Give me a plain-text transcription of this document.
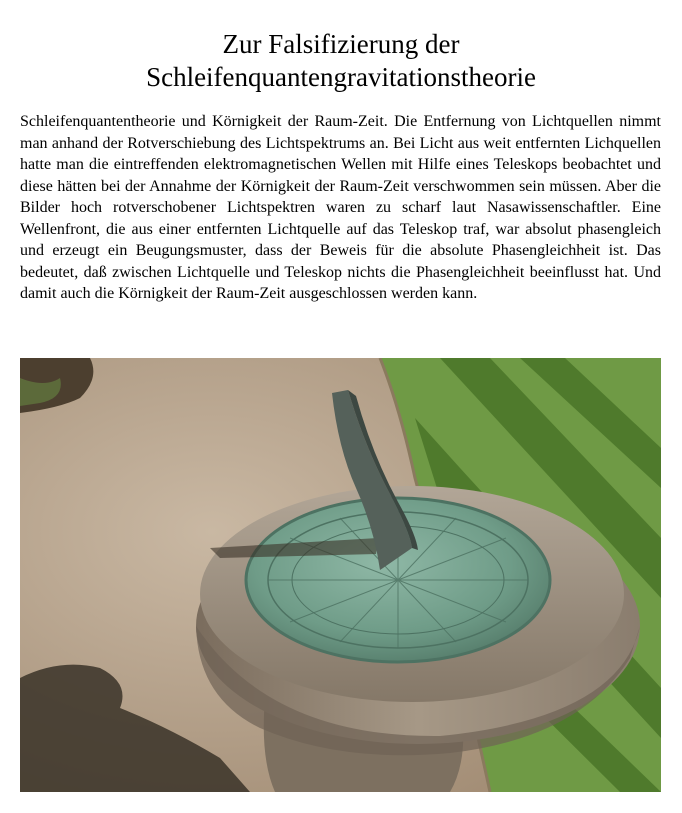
Zur Falsifizierung der
Schleifenquantengravitationstheorie
Schleifenquantentheorie und Körnigkeit der Raum-Zeit. Die Entfernung von Lichtquellen nimmt man anhand der Rotverschiebung des Lichtspektrums an. Bei Licht aus weit entfernten Lichquellen hatte man die eintreffenden elektromagnetischen Wellen mit Hilfe eines Teleskops beobachtet und diese hätten bei der Annahme der Körnigkeit der Raum-Zeit verschwommen sein müssen. Aber die Bilder hoch rotverschobener Lichtspektren waren zu scharf laut Nasawissenschaftler. Eine Wellenfront, die aus einer entfernten Lichtquelle auf das Teleskop traf, war absolut phasengleich und erzeugt ein Beugungsmuster, dass der Beweis für die absolute Phasengleichheit ist. Das bedeutet, daß zwischen Lichtquelle und Teleskop nichts die Phasengleichheit beeinflusst hat. Und damit auch die Körnigkeit der Raum-Zeit ausgeschlossen werden kann.
